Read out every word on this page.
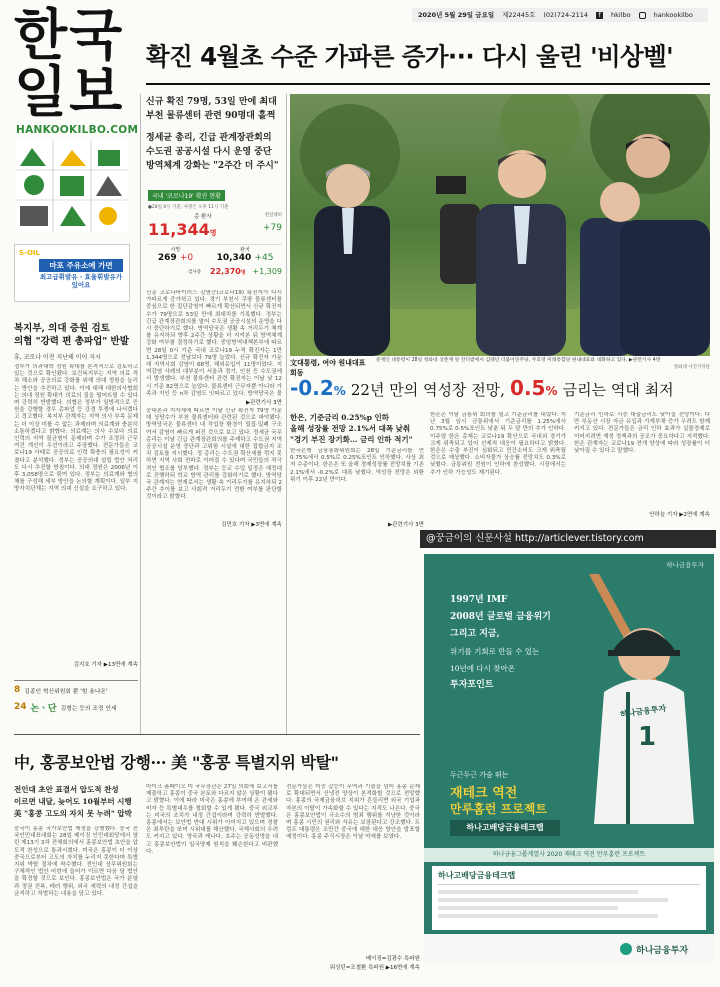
한국
일보
HANKOOKILBO.COM
S-OIL
마포 주유소에 가면
최고급휘발유 · 효율휘발유가 있어요
2020년 5월 29일 금요일 제22445호 (02)724-2114	f	hkilbo	hankookilbo
확진 4월초 수준 가파른 증가··· 다시 울린 '비상벨'
신규 확진 79명, 53일 만에 최대
부천 물류센터 관련 90명대 홀쩍
정세균 총리, 긴급 관계장관회의
수도권 공공시설 다시 운영 중단
방역체계 강화는 "2주간 더 주시"
국내 '코로나19' 확진 현황
●28일 0시 기준, 사망은 오후 11시 기준
총 환자	전일대비
11,344명	+79
사망
269 +0
완치
10,340 +45
검사중 22,370명 +1,309
신종 코로나바이러스 감염증(코로나19) 확진자가 다시 가파르게 증가하고 있다. 경기 부천시 쿠팡 물류센터를 중심으로 한 집단감염이 빠르게 확산되면서 신규 확진자 수가 79명으로 53일 만에 최대치를 기록했다. 정부는 긴급 관계장관회의를 열어 수도권 공공시설의 운영을 다시 중단하기로 했다. 방역당국은 생활 속 거리두기 체계를 유지하되 향후 2주간 상황을 더 지켜본 뒤 방역체계 강화 여부를 결정하기로 했다. 중앙방역대책본부에 따르면 28일 0시 기준 국내 코로나19 누적 확진자는 1만1,344명으로 전날보다 79명 늘었다. 신규 확진자 가운데 지역사회 감염이 68명, 해외유입이 11명이었다. 지역감염 사례의 대부분이 서울과 경기, 인천 등 수도권에서 발생했다. 부천 물류센터 관련 확진자는 이날 낮 12시 기준 82명으로 늘었다. 물류센터 근무자뿐 아니라 가족과 지인 등 n차 감염도 잇따르고 있다. 방역당국은 물
▶관련기사 3면
중대본과 지자체에 따르면 이날 신규 확진자 79명 가운데 상당수가 부천 물류센터와 관련된 것으로 파악됐다. 방역당국은 물류센터 내 작업장 환경이 밀집·밀폐 구조여서 감염이 빠르게 퍼진 것으로 보고 있다. 정세균 국무총리는 이날 긴급 관계장관회의를 주재하고 수도권 지역 공공시설 운영 중단과 고위험 시설에 대한 집합금지 조치 검토를 지시했다. 정 총리는 수도권 확산세를 꺾지 못하면 지역 사회 전파로 이어질 수 있다며 국민들의 적극적인 협조를 당부했다. 정부는 등교 수업 일정은 예정대로 진행하되 학교 방역 관리를 강화하기로 했다. 방역당국 관계자는 현재로서는 생활 속 거리두기를 유지하되 2주간 추이를 보고 사회적 거리두기 전환 여부를 판단할 것이라고 밝혔다.
김민호 기자 ▶3면에 계속
文대통령, 여야 원내대표 회동
문재인 대통령이 28일 청와대 상춘재 앞 잔디밭에서 김태년 더불어민주당, 주호영 미래통합당 원내대표와 대화하고 있다. ▶관련기사 4면
청와대 사진기자단
-0.2% 22년 만의 역성장 전망, 0.5% 금리는 역대 최저
한은, 기준금리 0.25%p 인하
올해 성장률 전망 2.1%서 대폭 낮춰
"경기 부진 장기화… 금리 인하 적기"
한국은행 금융통화위원회는 28일 기준금리를 연 0.75%에서 0.5%로 0.25%포인트 인하했다. 사상 최저 수준이다. 한은은 또 올해 경제성장률 전망치를 기존 2.1%에서 -0.2%로 대폭 낮췄다. 역성장 전망은 외환위기 이후 22년 만이다.
▶관련기사 3면
한은은 이날 금통위 회의를 열고 기준금리를 내렸다. 지난 3월 임시 금통위에서 기준금리를 1.25%에서 0.75%로 0.5%포인트 낮춘 뒤 두 달 만의 추가 인하다. 이주열 한은 총재는 코로나19 확산으로 국내외 경기가 크게 위축되고 있어 선제적 대응이 필요하다고 밝혔다. 한은은 수출 부진이 심화되고 민간소비도 크게 위축될 것으로 예상했다. 소비자물가 상승률 전망치도 0.3%로 낮췄다. 금통위원 전원이 인하에 찬성했다. 시장에서는 추가 인하 가능성도 제기된다.
기준금리 인하로 시중 대출금리도 낮아질 전망이다. 다만 부동산 시장 자금 유입과 가계부채 증가 우려도 함께 커지고 있다. 전문가들은 금리 인하 효과가 실물경제로 이어지려면 재정 정책과의 공조가 중요하다고 지적했다. 한은 관계자는 코로나19 전개 양상에 따라 성장률이 더 낮아질 수 있다고 말했다.
안하늘 기자 ▶2면에 계속
복지부, 의대 증원 검토
의협 "강력 편 총파업" 반발
휴, 코로나 이전 지난해 이어 지시
정부가 의과대학 정원 확대를 본격적으로 검토하고 있는 것으로 확인됐다. 보건복지부는 지역 의료 격차 해소와 공공의료 강화를 위해 의대 정원을 늘리는 방안을 추진하고 있다. 이에 대해 대한의사협회는 의대 정원 확대가 의료의 질을 떨어뜨릴 수 있다며 강력히 반발했다. 의협은 정부가 일방적으로 증원을 강행할 경우 총파업 등 강경 투쟁에 나서겠다고 경고했다. 복지부 관계자는 지역 의사 부족 문제는 더 이상 미룰 수 없는 과제라며 의료계와 충분히 소통하겠다고 밝혔다. 의료계는 의사 수보다 의료 인력의 지역 불균형이 문제라며 수가 조정과 근무 여건 개선이 우선이라고 주장했다. 전문가들은 코로나19 사태로 공공의료 인력 확충의 필요성이 커졌다고 분석했다. 정부는 공공의대 설립 법안 처리도 다시 추진할 방침이다. 의대 정원은 2006년 이후 3,058명으로 묶여 있다. 정부는 의료계와 협의체를 구성해 세부 방안을 논의할 계획이다. 일부 지방자치단체는 지역 의대 신설을 요구하고 있다.
김지호 기자 ▶13면에 계속
8 김종인 혁신위원회 뿐 '힘 용나온'
24 논ㆍ단 김형는 등의 조정 인세
中, 홍콩보안법 강행··· 美 "홍콩 특별지위 박탈"
전인대 초안 표결서 압도적 찬성
이르면 내달, 늦어도 10월부터 시행
美 "홍콩 고도의 자치 못 누려" 압박
중국이 홍콩 국가보안법 제정을 강행했다. 중국 전국인민대표대회는 28일 베이징 인민대회당에서 열린 제13기 3차 전체회의에서 홍콩보안법 초안을 압도적 찬성으로 통과시켰다. 미국은 홍콩이 더 이상 중국으로부터 고도의 자치를 누리지 못한다며 특별지위 박탈 절차에 착수했다. 전인대 상무위원회는 구체적인 법안 마련에 들어가 이르면 다음 달 법안을 확정할 것으로 보인다. 홍콩보안법은 국가 분열과 정권 전복, 테러 행위, 외국 세력의 내정 간섭을 금지하고 처벌하는 내용을 담고 있다.
마이크 폼페이오 미 국무장관은 27일 의회에 보고서를 제출하고 홍콩이 중국 본토와 다르지 않은 상황이 됐다고 밝혔다. 이에 따라 미국은 홍콩에 부여해 온 관세와 비자 등 특별대우를 철회할 수 있게 됐다. 중국 외교부는 미국의 조치가 내정 간섭이라며 강력히 반발했다. 홍콩에서는 보안법 반대 시위가 이어지고 있으며 경찰은 최루탄을 쏘며 시위대를 해산했다. 국제사회의 우려도 커지고 있다. 영국과 캐나다, 호주는 공동성명을 내고 홍콩보안법이 일국양제 원칙을 훼손한다고 비판했다.
전문가들은 미중 갈등이 무역과 기술을 넘어 홍콩 문제로 확대되면서 신냉전 양상이 본격화할 것으로 전망했다. 홍콩의 국제금융허브 지위가 흔들리면 외국 기업과 자본의 이탈이 가속화할 수 있다는 지적도 나온다. 중국은 홍콩보안법이 극소수의 범죄 행위를 겨냥한 것이라며 홍콩 시민의 권리와 자유는 보장된다고 강조했다. 트럼프 대통령은 조만간 중국에 대한 대응 방안을 발표할 예정이다. 홍콩 주식시장은 이날 약세를 보였다.
베이징=김광수 특파원
워싱턴=조철환 특파원 ▶16면에 계속
하나금융투자
1997년 IMF
2008년 글로벌 금융위기
그리고 지금,
위기를 기회로 만들 수 있는
10년에 다시 찾아온
투자포인트
하나금융투자
1
두근두근 가슴 뛰는
재테크 역전
만루홈런 프로젝트
하나고배당금융테크랩
하나금융그룹계열사 2020 재테크 역전 만루홈런 프로젝트
하나고배당금융테크랩
하나금융투자
@꿍금이의 신문사설 http://articlever.tistory.com
